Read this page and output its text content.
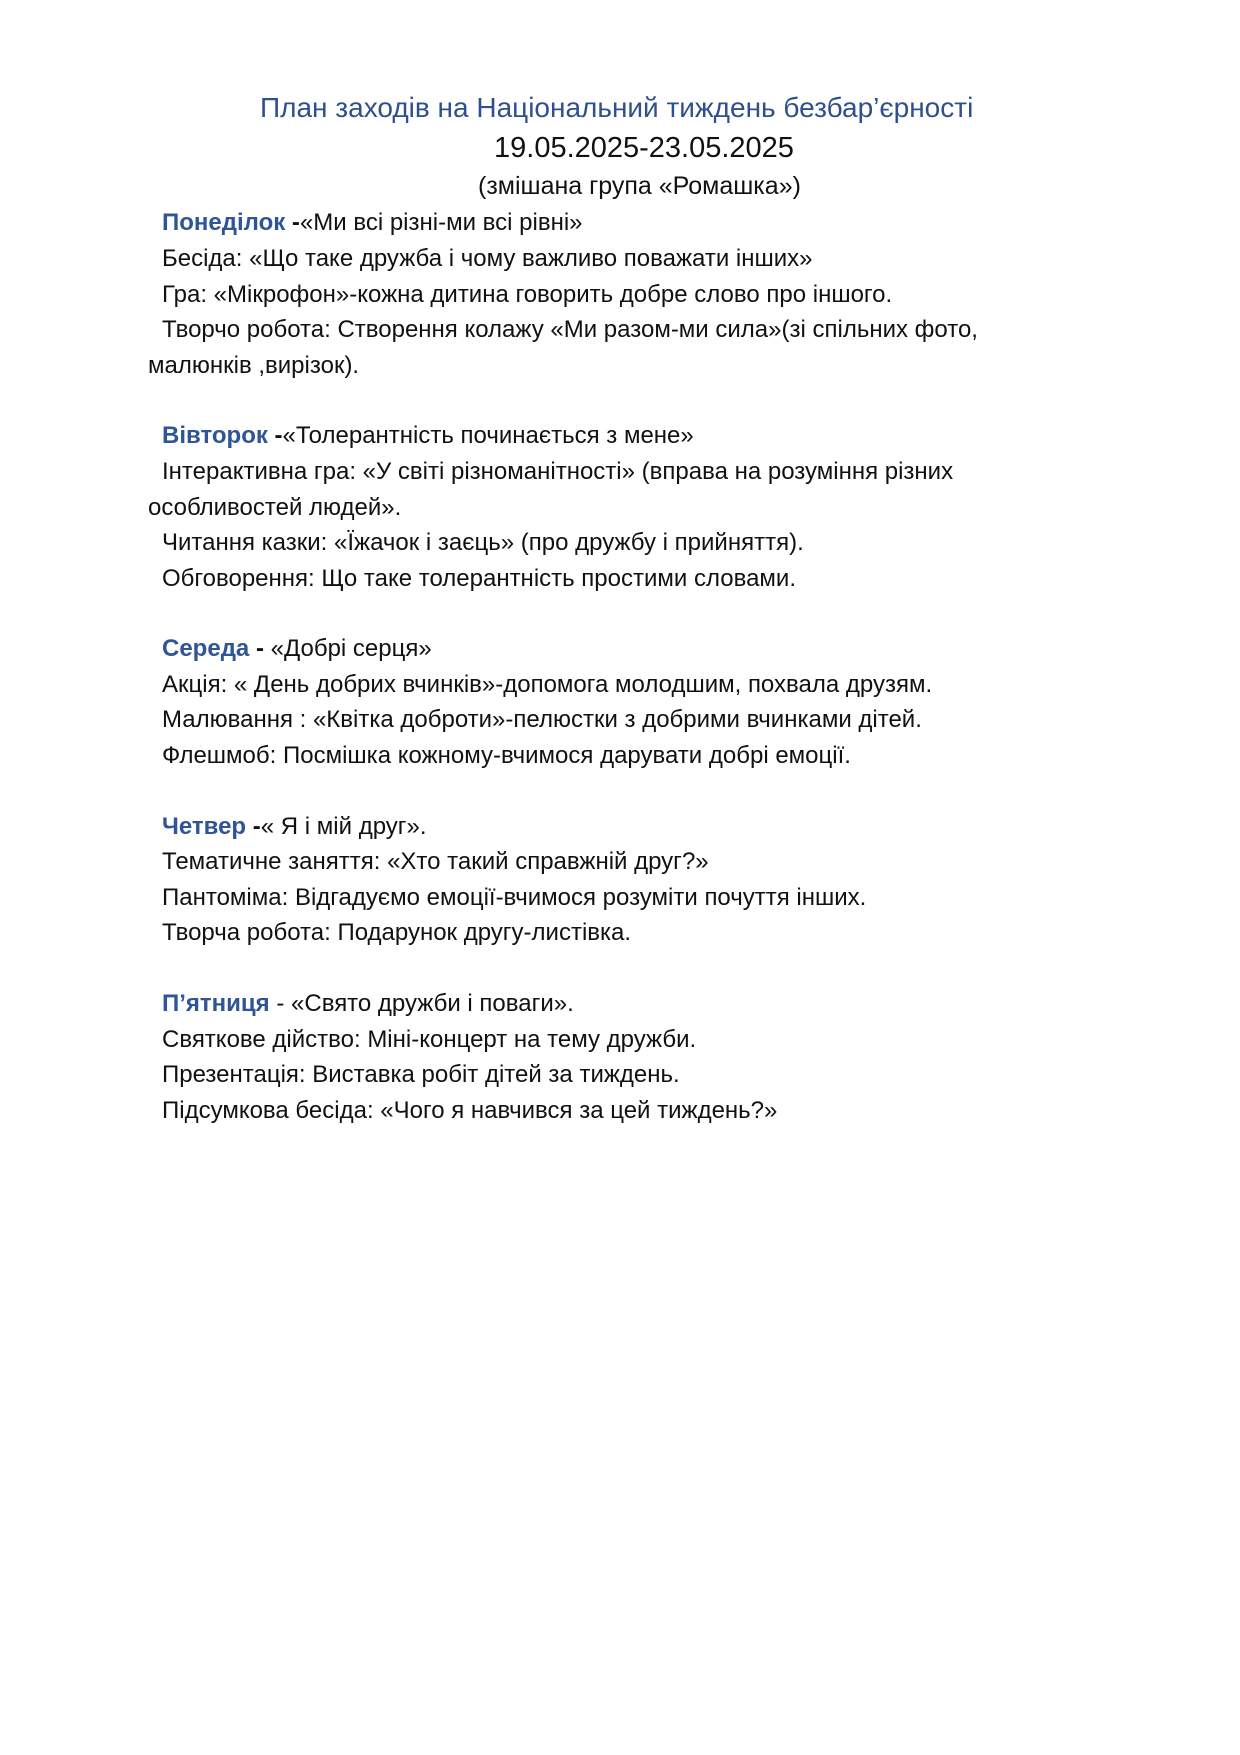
План заходів на Національний тиждень безбар’єрності
19.05.2025-23.05.2025
(змішана група «Ромашка»)
Понеділок -«Ми всі різні-ми всі рівні»
Бесіда: «Що таке дружба і чому важливо поважати інших»
Гра: «Мікрофон»-кожна дитина говорить добре слово про іншого.
Творчо робота: Створення колажу «Ми разом-ми сила»(зі спільних фото,
малюнків ,вирізок).
Вівторок -«Толерантність починається з мене»
Інтерактивна гра: «У світі різноманітності» (вправа на розуміння різних
особливостей людей».
Читання казки: «Їжачок і заєць» (про дружбу і прийняття).
Обговорення: Що таке толерантність простими словами.
Середа - «Добрі серця»
Акція: « День добрих вчинків»-допомога молодшим, похвала друзям.
Малювання : «Квітка доброти»-пелюстки з добрими вчинками дітей.
Флешмоб: Посмішка кожному-вчимося дарувати добрі емоції.
Четвер -« Я і мій друг».
Тематичне заняття: «Хто такий справжній друг?»
Пантоміма: Відгадуємо емоції-вчимося розуміти почуття інших.
Творча робота: Подарунок другу-листівка.
П’ятниця - «Свято дружби і поваги».
Святкове дійство: Міні-концерт на тему дружби.
Презентація: Виставка робіт дітей за тиждень.
Підсумкова бесіда: «Чого я навчився за цей тиждень?»
